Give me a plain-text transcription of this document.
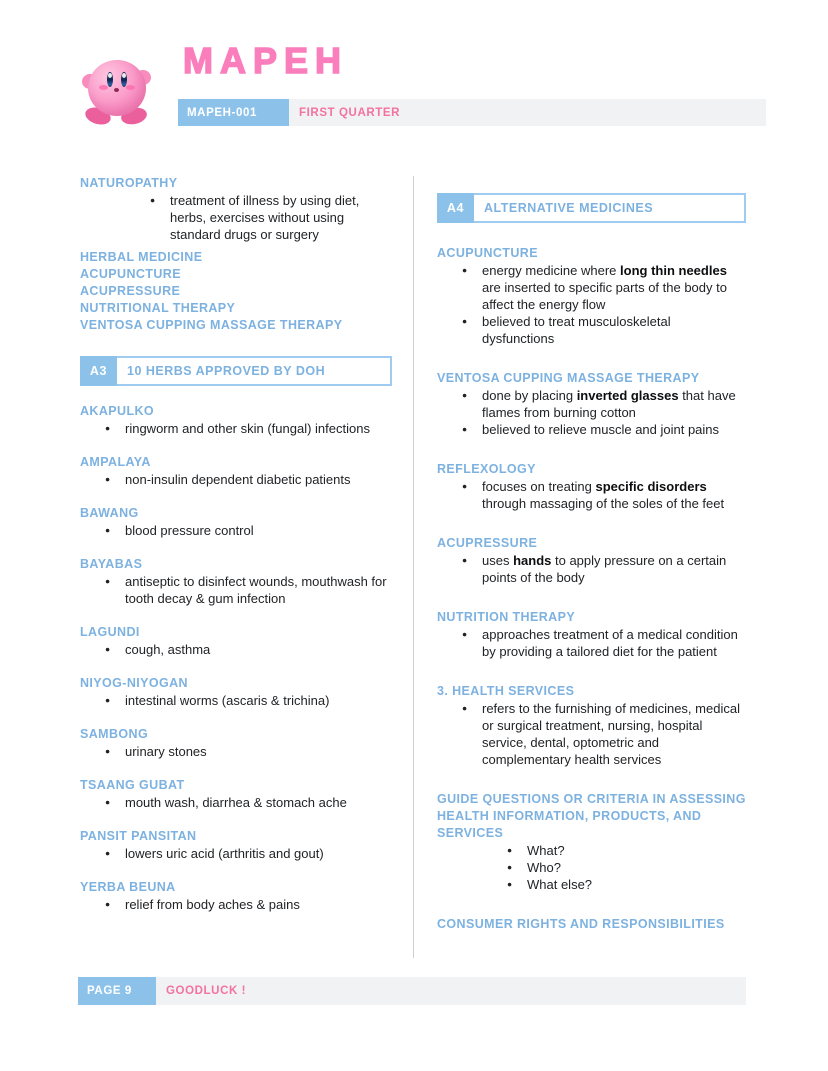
MAPEH
MAPEH-001	FIRST QUARTER
NATUROPATHY
●	treatment of illness by using diet, herbs, exercises without using standard drugs or surgery
HERBAL MEDICINE
ACUPUNCTURE
ACUPRESSURE
NUTRITIONAL THERAPY
VENTOSA CUPPING MASSAGE THERAPY
A3	10 HERBS APPROVED BY DOH
AKAPULKO
●	ringworm and other skin (fungal) infections
AMPALAYA
●	non-insulin dependent diabetic patients
BAWANG
●	blood pressure control
BAYABAS
●	antiseptic to disinfect wounds, mouthwash for tooth decay & gum infection
LAGUNDI
●	cough, asthma
NIYOG-NIYOGAN
●	intestinal worms (ascaris & trichina)
SAMBONG
●	urinary stones
TSAANG GUBAT
●	mouth wash, diarrhea & stomach ache
PANSIT PANSITAN
●	lowers uric acid (arthritis and gout)
YERBA BEUNA
●	relief from body aches & pains
A4	ALTERNATIVE MEDICINES
ACUPUNCTURE
●	energy medicine where long thin needles are inserted to specific parts of the body to affect the energy flow
●	believed to treat musculoskeletal dysfunctions
VENTOSA CUPPING MASSAGE THERAPY
●	done by placing inverted glasses that have flames from burning cotton
●	believed to relieve muscle and joint pains
REFLEXOLOGY
●	focuses on treating specific disorders through massaging of the soles of the feet
ACUPRESSURE
●	uses hands to apply pressure on a certain points of the body
NUTRITION THERAPY
●	approaches treatment of a medical condition by providing a tailored diet for the patient
3. HEALTH SERVICES
●	refers to the furnishing of medicines, medical or surgical treatment, nursing, hospital service, dental, optometric and complementary health services
GUIDE QUESTIONS OR CRITERIA IN ASSESSING HEALTH INFORMATION, PRODUCTS, AND SERVICES
●	What?
●	Who?
●	What else?
CONSUMER RIGHTS AND RESPONSIBILITIES
PAGE 9	GOODLUCK !
